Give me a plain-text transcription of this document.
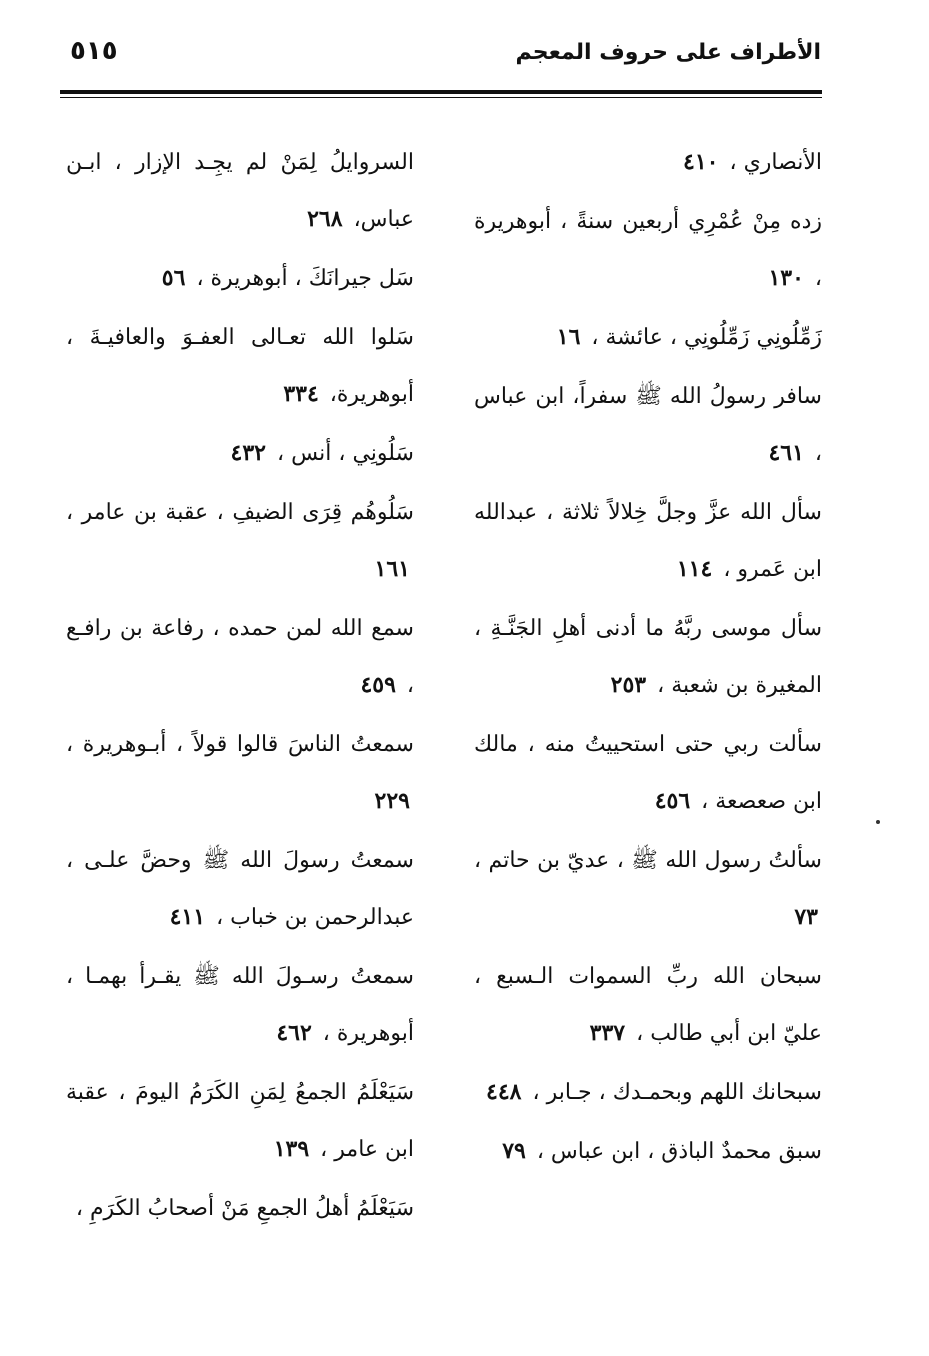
الأطراف على حروف المعجم
٥١٥

الأنصاري ، ٤١٠

زده مِنْ عُمْرِي أربعين سنةً ، أبوهريرة ، ١٣٠

زَمِّلُونِي زَمِّلُونِي ، عائشة ، ١٦

سافر رسولُ الله ﷺ سفراً، ابن عباس ، ٤٦١

سأل الله عزَّ وجلَّ خِلالاً ثلاثة ، عبدالله ابن عَمرو ، ١١٤

سأل موسى ربَّهُ ما أدنى أهلِ الجَنَّـةِ ، المغيرة بن شعبة ، ٢٥٣

سألت ربي حتى استحييتُ منه ، مالك ابن صعصعة ، ٤٥٦

سألتُ رسول الله ﷺ ، عديّ بن حاتم ، ٧٣

سبحان الله ربِّ السموات الـسبع ، عليّ ابن أبي طالب ، ٣٣٧

سبحانك اللهم وبحمـدك ، جـابر ، ٤٤٨

سبق محمدٌ الباذق ، ابن عباس ، ٧٩

السروايلُ لِمَنْ لم يجِـد الإزار ، ابـن عباس، ٢٦٨

سَل جيرانَكَ ، أبوهريرة ، ٥٦

سَلوا الله تعـالى العفـوَ والعافيـةَ ، أبوهريرة، ٣٣٤

سَلُونِي ، أنس ، ٤٣٢

سَلُوهُم قِرَى الضيفِ ، عقبة بن عامر ، ١٦١

سمع الله لمن حمده ، رفاعة بن رافـع ، ٤٥٩

سمعتُ الناسَ قالوا قولاً ، أبـوهريرة ، ٢٢٩

سمعتُ رسولَ الله ﷺ وحضَّ علـى ، عبدالرحمن بن خباب ، ٤١١

سمعتُ رسـولَ الله ﷺ يقـرأ بهمـا ، أبوهريرة ، ٤٦٢

سَيَعْلَمُ الجمعُ لِمَنِ الكَرَمُ اليومَ ، عقبة ابن عامر ، ١٣٩

سَيَعْلَمُ أهلُ الجمعِ مَنْ أصحابُ الكَرَمِ ،
